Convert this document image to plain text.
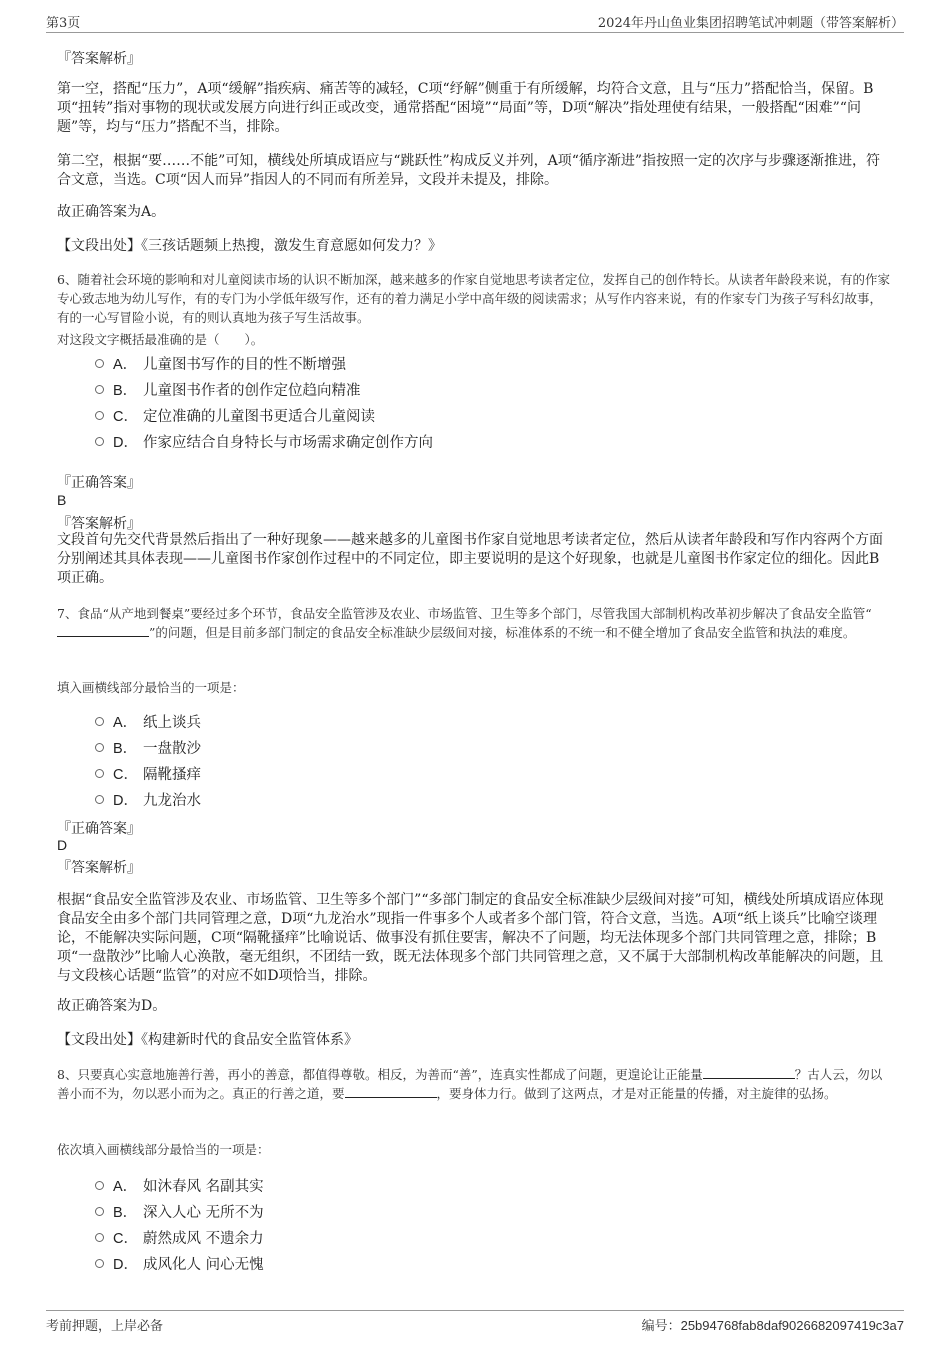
第3页	2024年丹山鱼业集团招聘笔试冲刺题（带答案解析）
『答案解析』

第一空，搭配“压力”，A项“缓解”指疾病、痛苦等的减轻，C项“纾解”侧重于有所缓解，均符合文意，且与“压力”搭配恰当，保留。B项“扭转”指对事物的现状或发展方向进行纠正或改变，通常搭配“困境”“局面”等，D项“解决”指处理使有结果，一般搭配“困难”“问题”等，均与“压力”搭配不当，排除。

第二空，根据“要……不能”可知，横线处所填成语应与“跳跃性”构成反义并列，A项“循序渐进”指按照一定的次序与步骤逐渐推进，符合文意，当选。C项“因人而异”指因人的不同而有所差异，文段并未提及，排除。

故正确答案为A。
【文段出处】《三孩话题频上热搜，激发生育意愿如何发力？》

6、随着社会环境的影响和对儿童阅读市场的认识不断加深，越来越多的作家自觉地思考读者定位，发挥自己的创作特长。从读者年龄段来说，有的作家专心致志地为幼儿写作，有的专门为小学低年级写作，还有的着力满足小学中高年级的阅读需求；从写作内容来说，有的作家专门为孩子写科幻故事，有的一心写冒险小说，有的则认真地为孩子写生活故事。

对这段文字概括最准确的是（　　）。
A． 儿童图书写作的目的性不断增强
B． 儿童图书作者的创作定位趋向精准
C． 定位准确的儿童图书更适合儿童阅读
D． 作家应结合自身特长与市场需求确定创作方向
『正确答案』
B
『答案解析』

文段首句先交代背景然后指出了一种好现象——越来越多的儿童图书作家自觉地思考读者定位，然后从读者年龄段和写作内容两个方面分别阐述其具体表现——儿童图书作家创作过程中的不同定位，即主要说明的是这个好现象，也就是儿童图书作家定位的细化。因此B项正确。

7、食品“从产地到餐桌”要经过多个环节，食品安全监管涉及农业、市场监管、卫生等多个部门，尽管我国大部制机构改革初步解决了食品安全监管“”的问题，但是目前多部门制定的食品安全标准缺少层级间对接，标准体系的不统一和不健全增加了食品安全监管和执法的难度。

填入画横线部分最恰当的一项是：
A． 纸上谈兵
B． 一盘散沙
C． 隔靴搔痒
D． 九龙治水
『正确答案』
D
『答案解析』

根据“食品安全监管涉及农业、市场监管、卫生等多个部门”“多部门制定的食品安全标准缺少层级间对接”可知，横线处所填成语应体现食品安全由多个部门共同管理之意，D项“九龙治水”现指一件事多个人或者多个部门管，符合文意，当选。A项“纸上谈兵”比喻空谈理论，不能解决实际问题，C项“隔靴搔痒”比喻说话、做事没有抓住要害，解决不了问题，均无法体现多个部门共同管理之意，排除；B项“一盘散沙”比喻人心涣散，毫无组织，不团结一致，既无法体现多个部门共同管理之意，又不属于大部制机构改革能解决的问题，且与文段核心话题“监管”的对应不如D项恰当，排除。

故正确答案为D。
【文段出处】《构建新时代的食品安全监管体系》

8、只要真心实意地施善行善，再小的善意，都值得尊敬。相反，为善而“善”，连真实性都成了问题，更遑论让正能量	？古人云，勿以善小而不为，勿以恶小而为之。真正的行善之道，要	，要身体力行。做到了这两点，才是对正能量的传播，对主旋律的弘扬。

依次填入画横线部分最恰当的一项是：
A． 如沐春风 名副其实
B． 深入人心 无所不为
C． 蔚然成风 不遗余力
D． 成风化人 问心无愧
考前押题，上岸必备	编号：25b94768fab8daf9026682097419c3a7
